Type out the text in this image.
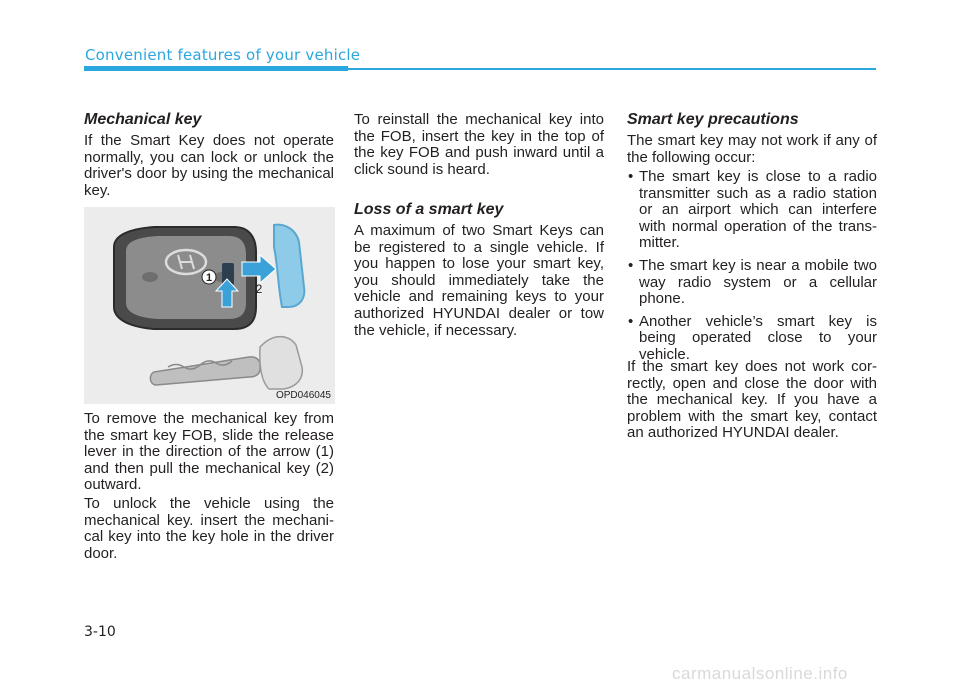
Convenient features of your vehicle
Mechanical key

If the Smart Key does not operate normally, you can lock or unlock the driver's door by using the mechanical key.

To remove the mechanical key from the smart key FOB, slide the release lever in the direction of the arrow (1) and then pull the mechanical key (2) outward.

To unlock the vehicle using the mechanical key. insert the mechani-cal key into the key hole in the driver door.

1
2
OPD046045

To reinstall the mechanical key into the FOB, insert the key in the top of the key FOB and push inward until a click sound is heard.

Loss of a smart key

A maximum of two Smart Keys can be registered to a single vehicle. If you happen to lose your smart key, you should immediately take the vehicle and remaining keys to your authorized HYUNDAI dealer or tow the vehicle, if necessary.

Smart key precautions

The smart key may not work if any of the following occur:

• The smart key is close to a radio transmitter such as a radio station or an airport which can interfere with normal operation of the trans-mitter.
• The smart key is near a mobile two way radio system or a cellular phone.
• Another vehicle’s smart key is being operated close to your vehicle.

If the smart key does not work cor-rectly, open and close the door with the mechanical key. If you have a problem with the smart key, contact an authorized HYUNDAI dealer.

3-10
carmanualsonline.info
